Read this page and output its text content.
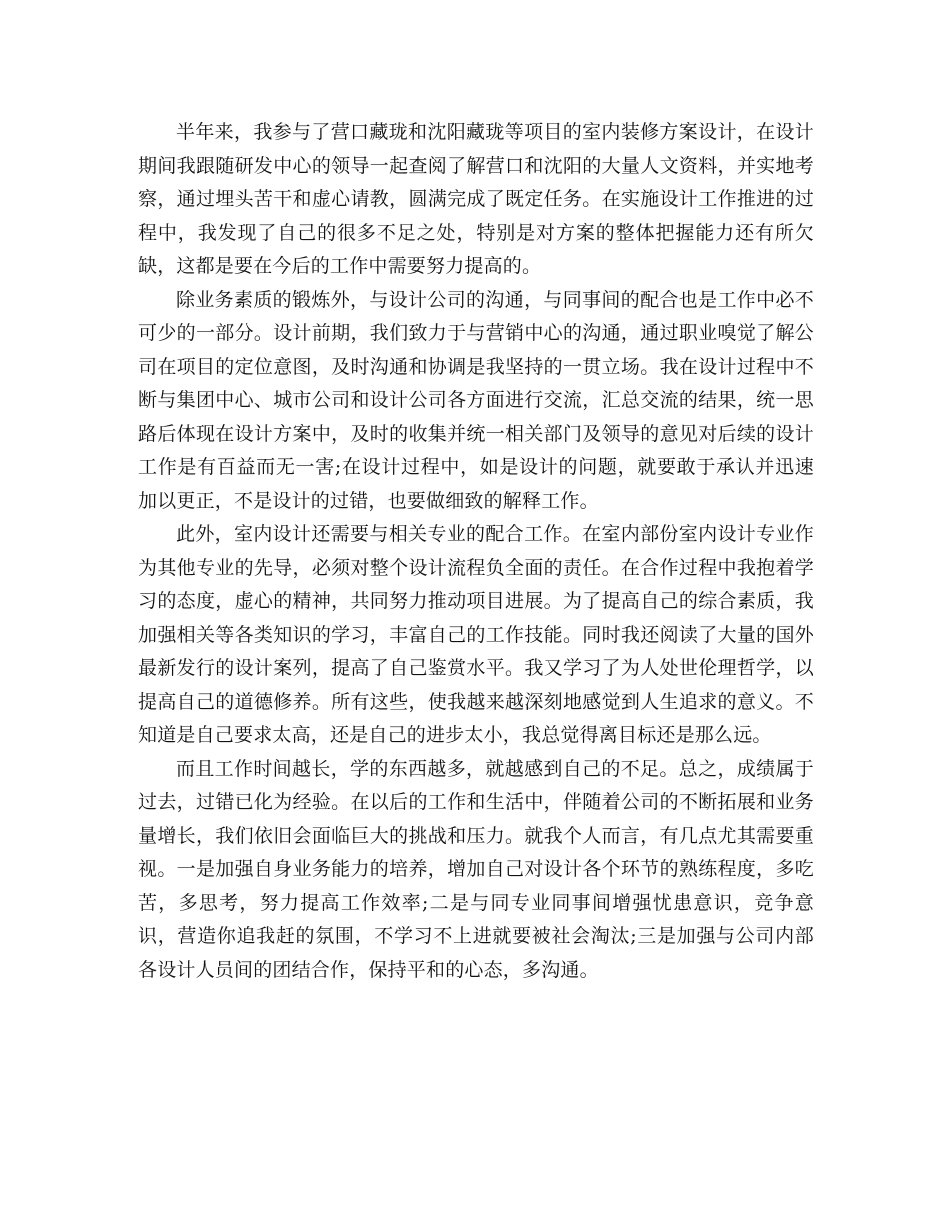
半年来，我参与了营口藏珑和沈阳藏珑等项目的室内装修方案设计，在设计期间我跟随研发中心的领导一起查阅了解营口和沈阳的大量人文资料，并实地考察，通过埋头苦干和虚心请教，圆满完成了既定任务。在实施设计工作推进的过程中，我发现了自己的很多不足之处，特别是对方案的整体把握能力还有所欠缺，这都是要在今后的工作中需要努力提高的。

除业务素质的锻炼外，与设计公司的沟通，与同事间的配合也是工作中必不可少的一部分。设计前期，我们致力于与营销中心的沟通，通过职业嗅觉了解公司在项目的定位意图，及时沟通和协调是我坚持的一贯立场。我在设计过程中不断与集团中心、城市公司和设计公司各方面进行交流，汇总交流的结果，统一思路后体现在设计方案中，及时的收集并统一相关部门及领导的意见对后续的设计工作是有百益而无一害;在设计过程中，如是设计的问题，就要敢于承认并迅速加以更正，不是设计的过错，也要做细致的解释工作。

此外，室内设计还需要与相关专业的配合工作。在室内部份室内设计专业作为其他专业的先导，必须对整个设计流程负全面的责任。在合作过程中我抱着学习的态度，虚心的精神，共同努力推动项目进展。为了提高自己的综合素质，我加强相关等各类知识的学习，丰富自己的工作技能。同时我还阅读了大量的国外最新发行的设计案列，提高了自己鉴赏水平。我又学习了为人处世伦理哲学，以提高自己的道德修养。所有这些，使我越来越深刻地感觉到人生追求的意义。不知道是自己要求太高，还是自己的进步太小，我总觉得离目标还是那么远。

而且工作时间越长，学的东西越多，就越感到自己的不足。总之，成绩属于过去，过错已化为经验。在以后的工作和生活中，伴随着公司的不断拓展和业务量增长，我们依旧会面临巨大的挑战和压力。就我个人而言，有几点尤其需要重视。一是加强自身业务能力的培养，增加自己对设计各个环节的熟练程度，多吃苦，多思考，努力提高工作效率;二是与同专业同事间增强忧患意识，竞争意识，营造你追我赶的氛围，不学习不上进就要被社会淘汰;三是加强与公司内部各设计人员间的团结合作，保持平和的心态，多沟通。
